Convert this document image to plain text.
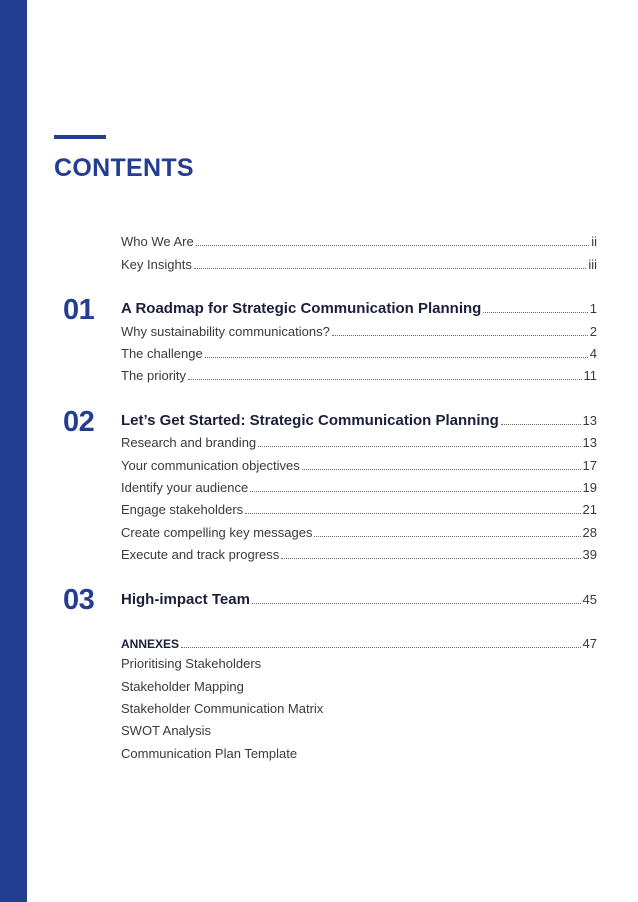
CONTENTS
Who We Are	ii
Key Insights	iii
01 A Roadmap for Strategic Communication Planning	1
Why sustainability communications?	2
The challenge	4
The priority	11
02 Let’s Get Started: Strategic Communication Planning	13
Research and branding	13
Your communication objectives	17
Identify your audience	19
Engage stakeholders	21
Create compelling key messages	28
Execute and track progress	39
03 High-impact Team	45
ANNEXES	47
Prioritising Stakeholders
Stakeholder Mapping
Stakeholder Communication Matrix
SWOT Analysis
Communication Plan Template
